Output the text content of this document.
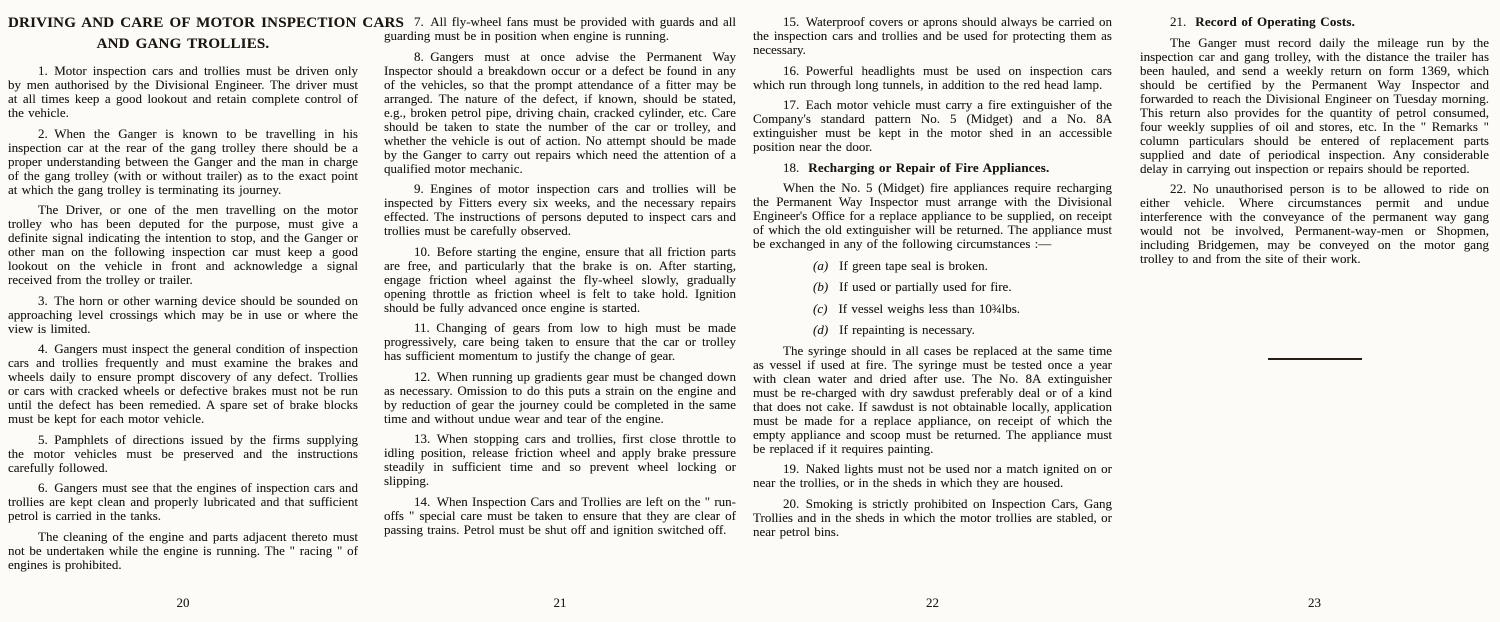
DRIVING AND CARE OF MOTOR INSPECTION CARS
AND GANG TROLLIES.

1. Motor inspection cars and trollies must be driven only by men authorised by the Divisional Engineer. The driver must at all times keep a good lookout and retain complete control of the vehicle.

2. When the Ganger is known to be travelling in his inspection car at the rear of the gang trolley there should be a proper understanding between the Ganger and the man in charge of the gang trolley (with or without trailer) as to the exact point at which the gang trolley is terminating its journey.

The Driver, or one of the men travelling on the motor trolley who has been deputed for the purpose, must give a definite signal indicating the intention to stop, and the Ganger or other man on the following inspection car must keep a good lookout on the vehicle in front and acknowledge a signal received from the trolley or trailer.

3. The horn or other warning device should be sounded on approaching level crossings which may be in use or where the view is limited.

4. Gangers must inspect the general condition of inspection cars and trollies frequently and must examine the brakes and wheels daily to ensure prompt discovery of any defect. Trollies or cars with cracked wheels or defective brakes must not be run until the defect has been remedied. A spare set of brake blocks must be kept for each motor vehicle.

5. Pamphlets of directions issued by the firms supplying the motor vehicles must be preserved and the instructions carefully followed.

6. Gangers must see that the engines of inspection cars and trollies are kept clean and properly lubricated and that sufficient petrol is carried in the tanks.

The cleaning of the engine and parts adjacent thereto must not be undertaken while the engine is running. The " racing " of engines is prohibited.

20

7. All fly-wheel fans must be provided with guards and all guarding must be in position when engine is running.

8. Gangers must at once advise the Permanent Way Inspector should a breakdown occur or a defect be found in any of the vehicles, so that the prompt attendance of a fitter may be arranged. The nature of the defect, if known, should be stated, e.g., broken petrol pipe, driving chain, cracked cylinder, etc. Care should be taken to state the number of the car or trolley, and whether the vehicle is out of action. No attempt should be made by the Ganger to carry out repairs which need the attention of a qualified motor mechanic.

9. Engines of motor inspection cars and trollies will be inspected by Fitters every six weeks, and the necessary repairs effected. The instructions of persons deputed to inspect cars and trollies must be carefully observed.

10. Before starting the engine, ensure that all friction parts are free, and particularly that the brake is on. After starting, engage friction wheel against the fly-wheel slowly, gradually opening throttle as friction wheel is felt to take hold. Ignition should be fully advanced once engine is started.

11. Changing of gears from low to high must be made progressively, care being taken to ensure that the car or trolley has sufficient momentum to justify the change of gear.

12. When running up gradients gear must be changed down as necessary. Omission to do this puts a strain on the engine and by reduction of gear the journey could be completed in the same time and without undue wear and tear of the engine.

13. When stopping cars and trollies, first close throttle to idling position, release friction wheel and apply brake pressure steadily in sufficient time and so prevent wheel locking or slipping.

14. When Inspection Cars and Trollies are left on the " run-offs " special care must be taken to ensure that they are clear of passing trains. Petrol must be shut off and ignition switched off.

21

15. Waterproof covers or aprons should always be carried on the inspection cars and trollies and be used for protecting them as necessary.

16. Powerful headlights must be used on inspection cars which run through long tunnels, in addition to the red head lamp.

17. Each motor vehicle must carry a fire extinguisher of the Company's standard pattern No. 5 (Midget) and a No. 8A extinguisher must be kept in the motor shed in an accessible position near the door.

18. Recharging or Repair of Fire Appliances.

When the No. 5 (Midget) fire appliances require recharging the Permanent Way Inspector must arrange with the Divisional Engineer's Office for a replace appliance to be supplied, on receipt of which the old extinguisher will be returned. The appliance must be exchanged in any of the following circumstances :—

(a) If green tape seal is broken.
(b) If used or partially used for fire.
(c) If vessel weighs less than 10¾lbs.
(d) If repainting is necessary.

The syringe should in all cases be replaced at the same time as vessel if used at fire. The syringe must be tested once a year with clean water and dried after use. The No. 8A extinguisher must be re-charged with dry sawdust preferably deal or of a kind that does not cake. If sawdust is not obtainable locally, application must be made for a replace appliance, on receipt of which the empty appliance and scoop must be returned. The appliance must be replaced if it requires painting.

19. Naked lights must not be used nor a match ignited on or near the trollies, or in the sheds in which they are housed.

20. Smoking is strictly prohibited on Inspection Cars, Gang Trollies and in the sheds in which the motor trollies are stabled, or near petrol bins.

22

21. Record of Operating Costs.

The Ganger must record daily the mileage run by the inspection car and gang trolley, with the distance the trailer has been hauled, and send a weekly return on form 1369, which should be certified by the Permanent Way Inspector and forwarded to reach the Divisional Engineer on Tuesday morning. This return also provides for the quantity of petrol consumed, four weekly supplies of oil and stores, etc. In the " Remarks " column particulars should be entered of replacement parts supplied and date of periodical inspection. Any considerable delay in carrying out inspection or repairs should be reported.

22. No unauthorised person is to be allowed to ride on either vehicle. Where circumstances permit and undue interference with the conveyance of the permanent way gang would not be involved, Permanent-way-men or Shopmen, including Bridgemen, may be conveyed on the motor gang trolley to and from the site of their work.

23
